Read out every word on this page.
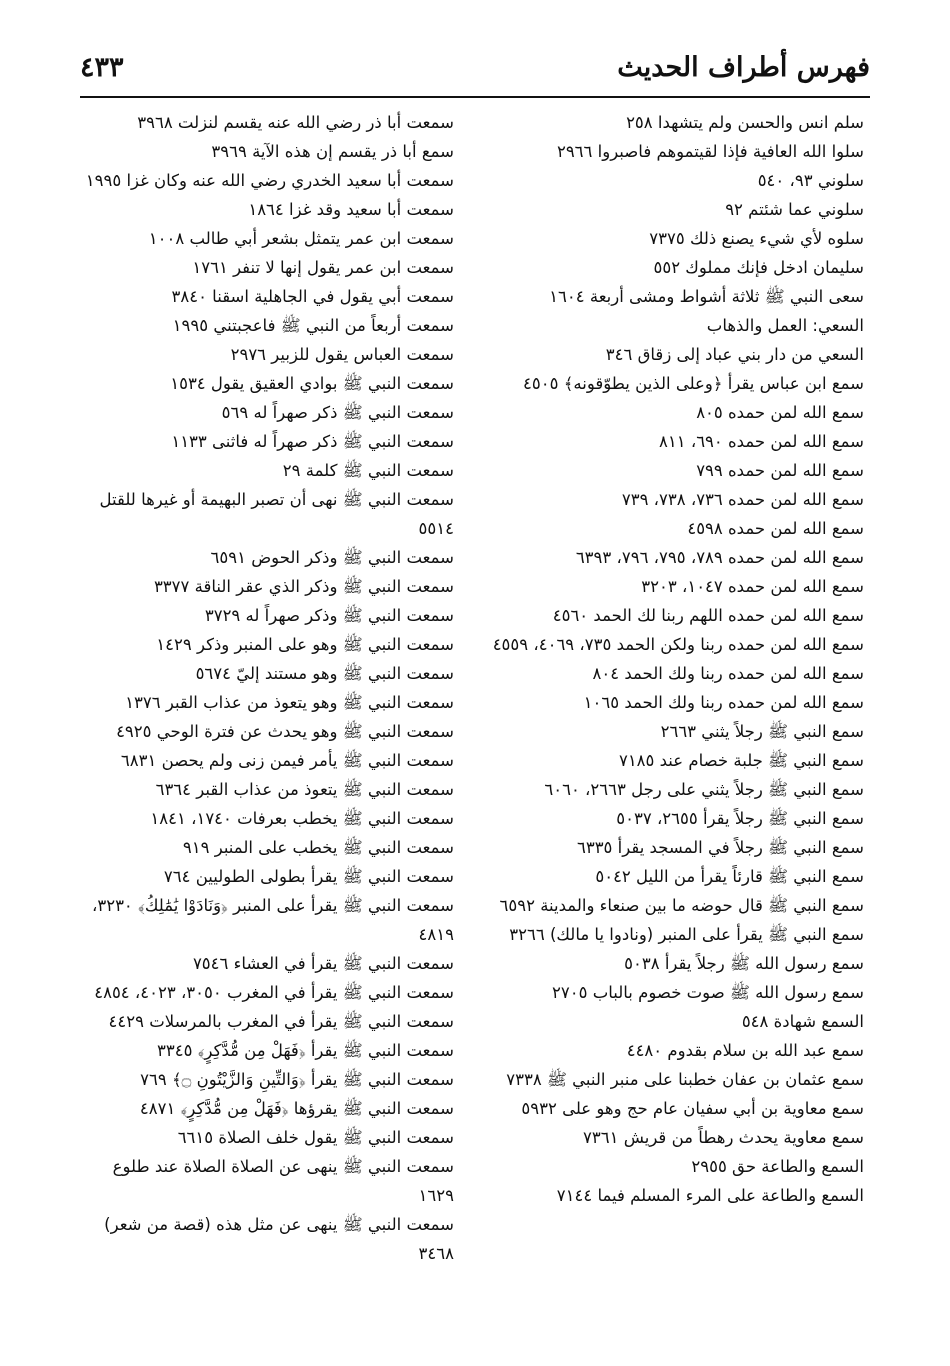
فهرس أطراف الحديث
٤٣٣

سلم انس والحسن ولم يتشهدا ٢٥٨

سلوا الله العافية فإذا لقيتموهم فاصبروا ٢٩٦٦

سلوني ٩٣، ٥٤٠

سلوني عما شئتم ٩٢

سلوه لأي شيء يصنع ذلك ٧٣٧٥

سليمان ادخل فإنك مملوك ٥٥٢

سعى النبي ﷺ ثلاثة أشواط ومشى أربعة ١٦٠٤

السعي: العمل والذهاب

السعي من دار بني عباد إلى زقاق ٣٤٦

سمع ابن عباس يقرأ ﴿وعلى الذين يطوّقونه﴾ ٤٥٠٥

سمع الله لمن حمده ٨٠٥

سمع الله لمن حمده ٦٩٠، ٨١١

سمع الله لمن حمده ٧٩٩

سمع الله لمن حمده ٧٣٦، ٧٣٨، ٧٣٩

سمع الله لمن حمده ٤٥٩٨

سمع الله لمن حمده ٧٨٩، ٧٩٥، ٧٩٦، ٦٣٩٣

سمع الله لمن حمده ١٠٤٧، ٣٢٠٣

سمع الله لمن حمده اللهم ربنا لك الحمد ٤٥٦٠

سمع الله لمن حمده ربنا ولكن الحمد ٧٣٥، ٤٠٦٩، ٤٥٥٩

سمع الله لمن حمده ربنا ولك الحمد ٨٠٤

سمع الله لمن حمده ربنا ولك الحمد ١٠٦٥

سمع النبي ﷺ رجلاً يثني ٢٦٦٣

سمع النبي ﷺ جلبة خصام عند ٧١٨٥

سمع النبي ﷺ رجلاً يثني على رجل ٢٦٦٣، ٦٠٦٠

سمع النبي ﷺ رجلاً يقرأ ٢٦٥٥، ٥٠٣٧

سمع النبي ﷺ رجلاً في المسجد يقرأ ٦٣٣٥

سمع النبي ﷺ قارئاً يقرأ من الليل ٥٠٤٢

سمع النبي ﷺ قال حوضه ما بين صنعاء والمدينة ٦٥٩٢

سمع النبي ﷺ يقرأ على المنبر (ونادوا يا مالك) ٣٢٦٦

سمع رسول الله ﷺ رجلاً يقرأ ٥٠٣٨

سمع رسول الله ﷺ صوت خصوم بالباب ٢٧٠٥

السمع شهادة ٥٤٨

سمع عبد الله بن سلام بقدوم ٤٤٨٠

سمع عثمان بن عفان خطبنا على منبر النبي ﷺ ٧٣٣٨

سمع معاوية بن أبي سفيان عام حج وهو على ٥٩٣٢

سمع معاوية يحدث رهطاً من قريش ٧٣٦١

السمع والطاعة حق ٢٩٥٥

السمع والطاعة على المرء المسلم فيما ٧١٤٤

سمعت أبا ذر رضي الله عنه يقسم لنزلت ٣٩٦٨

سمع أبا ذر يقسم إن هذه الآية ٣٩٦٩

سمعت أبا سعيد الخدري رضي الله عنه وكان غزا ١٩٩٥

سمعت أبا سعيد وقد غزا ١٨٦٤

سمعت ابن عمر يتمثل بشعر أبي طالب ١٠٠٨

سمعت ابن عمر يقول إنها لا تنفر ١٧٦١

سمعت أبي يقول في الجاهلية اسقنا ٣٨٤٠

سمعت أربعاً من النبي ﷺ فاعجبتني ١٩٩٥

سمعت العباس يقول للزبير ٢٩٧٦

سمعت النبي ﷺ بوادي العقيق يقول ١٥٣٤

سمعت النبي ﷺ ذكر صهراً له ٥٦٩

سمعت النبي ﷺ ذكر صهراً له فاثنى ١١٣٣

سمعت النبي ﷺ كلمة ٢٩

سمعت النبي ﷺ نهى أن تصبر البهيمة أو غيرها للقتل ٥٥١٤

سمعت النبي ﷺ وذكر الحوض ٦٥٩١

سمعت النبي ﷺ وذكر الذي عقر الناقة ٣٣٧٧

سمعت النبي ﷺ وذكر صهراً له ٣٧٢٩

سمعت النبي ﷺ وهو على المنبر وذكر ١٤٢٩

سمعت النبي ﷺ وهو مستند إليّ ٥٦٧٤

سمعت النبي ﷺ وهو يتعوذ من عذاب القبر ١٣٧٦

سمعت النبي ﷺ وهو يحدث عن فترة الوحي ٤٩٢٥

سمعت النبي ﷺ يأمر فيمن زنى ولم يحصن ٦٨٣١

سمعت النبي ﷺ يتعوذ من عذاب القبر ٦٣٦٤

سمعت النبي ﷺ يخطب بعرفات ١٧٤٠، ١٨٤١

سمعت النبي ﷺ يخطب على المنبر ٩١٩

سمعت النبي ﷺ يقرأ بطولى الطوليين ٧٦٤

سمعت النبي ﷺ يقرأ على المنبر ﴿وَنَادَوْا يَٰمَٰلِكُ﴾ ٣٢٣٠، ٤٨١٩

سمعت النبي ﷺ يقرأ في العشاء ٧٥٤٦

سمعت النبي ﷺ يقرأ في المغرب ٣٠٥٠، ٤٠٢٣، ٤٨٥٤

سمعت النبي ﷺ يقرأ في المغرب بالمرسلات ٤٤٢٩

سمعت النبي ﷺ يقرأ ﴿فَهَلْ مِن مُّدَّكِرٍ﴾ ٣٣٤٥

سمعت النبي ﷺ يقرأ ﴿وَالتِّينِ وَالزَّيْتُونِ ۝﴾ ٧٦٩

سمعت النبي ﷺ يقرؤها ﴿فَهَلْ مِن مُّدَّكِرٍ﴾ ٤٨٧١

سمعت النبي ﷺ يقول خلف الصلاة ٦٦١٥

سمعت النبي ﷺ ينهى عن الصلاة الصلاة عند طلوع ١٦٢٩

سمعت النبي ﷺ ينهى عن مثل هذه (قصة من شعر) ٣٤٦٨
